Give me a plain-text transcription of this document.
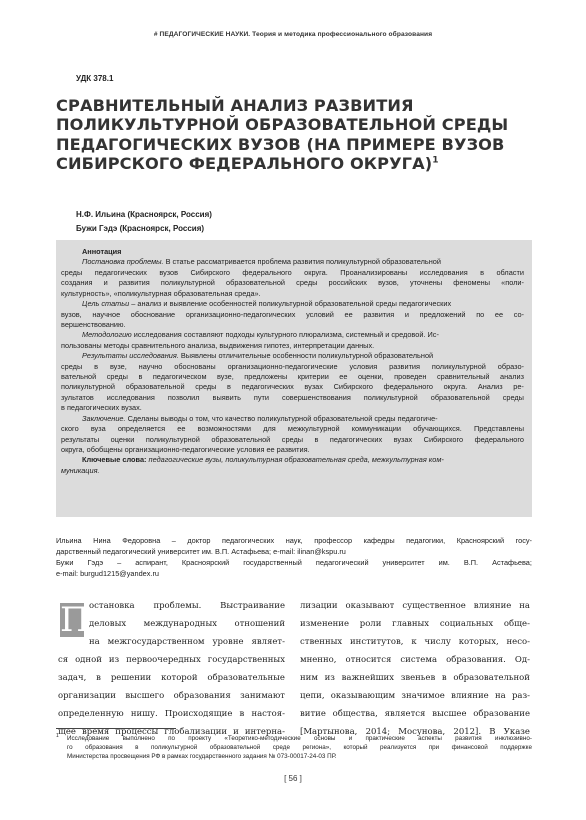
# ПЕДАГОГИЧЕСКИЕ НАУКИ. Теория и методика профессионального образования
УДК 378.1
СРАВНИТЕЛЬНЫЙ АНАЛИЗ РАЗВИТИЯ
ПОЛИКУЛЬТУРНОЙ ОБРАЗОВАТЕЛЬНОЙ СРЕДЫ
ПЕДАГОГИЧЕСКИХ ВУЗОВ (НА ПРИМЕРЕ ВУЗОВ
СИБИРСКОГО ФЕДЕРАЛЬНОГО ОКРУГА)$^1$
Н.Ф. Ильина (Красноярск, Россия)
Бужи Гэдэ (Красноярск, Россия)
Аннотация
Постановка проблемы. В статье рассматривается проблема развития поликультурной образовательной
среды педагогических вузов Сибирского федерального округа. Проанализированы исследования в области
создания и развития поликультурной образовательной среды российских вузов, уточнены феномены «поли-
культурность», «поликультурная образовательная среда».
Цель статьи – анализ и выявление особенностей поликультурной образовательной среды педагогических
вузов, научное обоснование организационно-педагогических условий ее развития и предложений по ее со-
вершенствованию.
Методологию исследования составляют подходы культурного плюрализма, системный и средовой. Ис-
пользованы методы сравнительного анализа, выдвижения гипотез, интерпретации данных.
Результаты исследования. Выявлены отличительные особенности поликультурной образовательной
среды в вузе, научно обоснованы организационно-педагогические условия развития поликультурной образо-
вательной среды в педагогическом вузе, предложены критерии ее оценки, проведен сравнительный анализ
поликультурной образовательной среды в педагогических вузах Сибирского федерального округа. Анализ ре-
зультатов исследования позволил выявить пути совершенствования поликультурной образовательной среды
в педагогических вузах.
Заключение. Сделаны выводы о том, что качество поликультурной образовательной среды педагогиче-
ского вуза определяется ее возможностями для межкультурной коммуникации обучающихся. Представлены
результаты оценки поликультурной образовательной среды в педагогических вузах Сибирского федерального
округа, обобщены организационно-педагогические условия ее развития.
Ключевые слова: педагогические вузы, поликультурная образовательная среда, межкультурная ком-
муникация.
Ильина Нина Федоровна – доктор педагогических наук, профессор кафедры педагогики, Красноярский госу-
дарственный педагогический университет им. В.П. Астафьева; e-mail: ilinan@kspu.ru
Бужи Гэдэ – аспирант, Красноярский государственный педагогический университет им. В.П. Астафьева;
e-mail: burgud1215@yandex.ru
П остановка проблемы. Выстраивание
деловых международных отношений
на межгосударственном уровне являет-
ся одной из первоочередных государственных
задач, в решении которой образовательные
организации высшего образования занимают
определенную нишу. Происходящие в настоя-
щее время процессы глобализации и интерна-
лизации оказывают существенное влияние на
изменение роли главных социальных обще-
ственных институтов, к числу которых, несо-
мненно, относится система образования. Од-
ним из важнейших звеньев в образовательной
цепи, оказывающим значимое влияние на раз-
витие общества, является высшее образование
[Мартынова, 2014; Мосунова, 2012]. В Указе
1 Исследование выполнено по проекту «Теоретико-методические основы и практические аспекты развития инклюзивно-
го образования в поликультурной образовательной среде региона», который реализуется при финансовой поддержке
Министерства просвещения РФ в рамках государственного задания № 073-00017-24-03 ПР.
[ 56 ]
